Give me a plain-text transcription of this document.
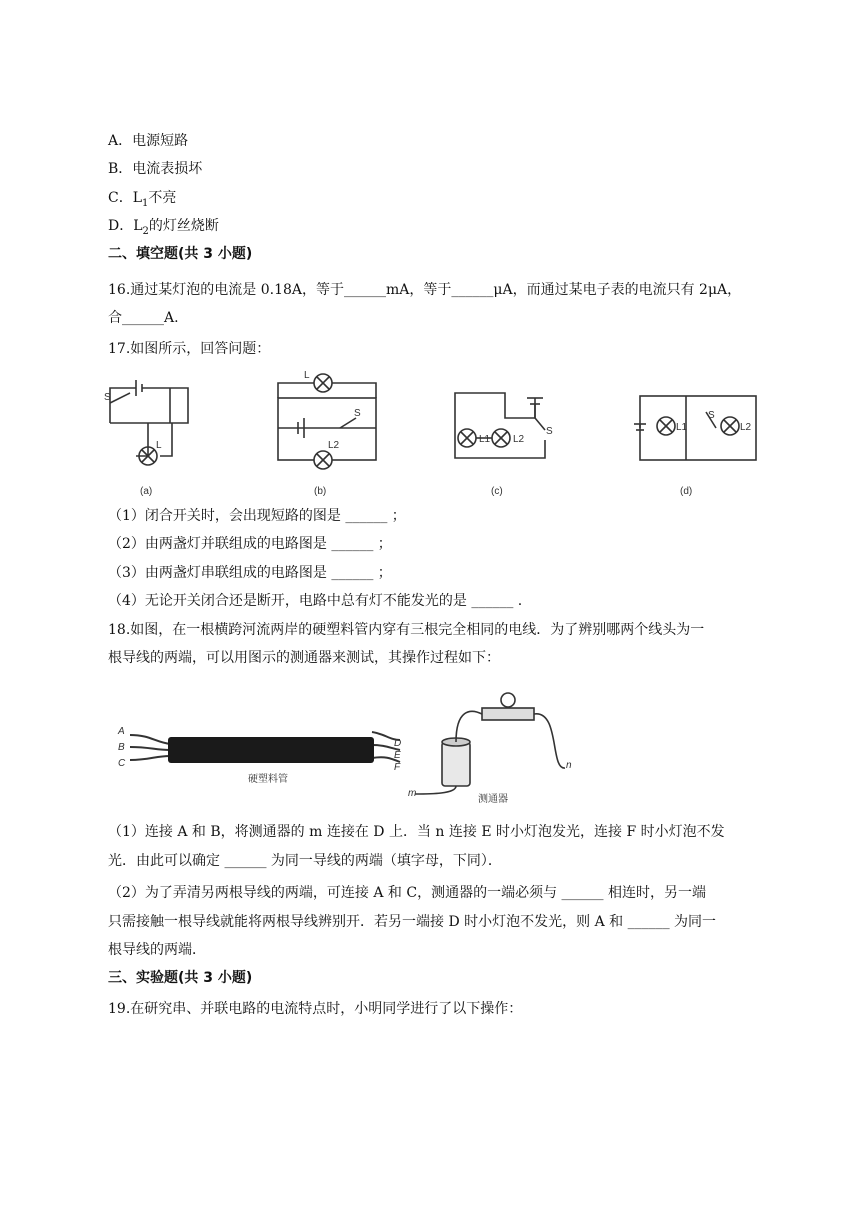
A．电源短路
B．电流表损坏
C．$L_1$不亮
D．$L_2$的灯丝烧断
二、填空题(共 3 小题)
16.通过某灯泡的电流是 0.18A，等于______mA，等于______μA，而通过某电子表的电流只有 2μA，
合______A.
17.如图所示，回答问题：
S
L
(a)
L
S
L2
(b)
L1 L2
S
(c)
L1
S
L2
(d)
（1）闭合开关时，会出现短路的图是 ______ ；
（2）由两盏灯并联组成的电路图是 ______ ；
（3）由两盏灯串联组成的电路图是 ______ ；
（4）无论开关闭合还是断开，电路中总有灯不能发光的是 ______ .
18.如图，在一根横跨河流两岸的硬塑料管内穿有三根完全相同的电线．为了辨别哪两个线头为一
根导线的两端，可以用图示的测通器来测试，其操作过程如下：
A
B
C
D
E
F
m
n
硬塑料管
测通器
（1）连接 A 和 B，将测通器的 m 连接在 D 上．当 n 连接 E 时小灯泡发光，连接 F 时小灯泡不发
光．由此可以确定 ______ 为同一导线的两端（填字母，下同）．
（2）为了弄清另两根导线的两端，可连接 A 和 C，测通器的一端必须与 ______ 相连时，另一端
只需接触一根导线就能将两根导线辨别开．若另一端接 D 时小灯泡不发光，则 A 和 ______ 为同一
根导线的两端．
三、实验题(共 3 小题)
19.在研究串、并联电路的电流特点时，小明同学进行了以下操作：
